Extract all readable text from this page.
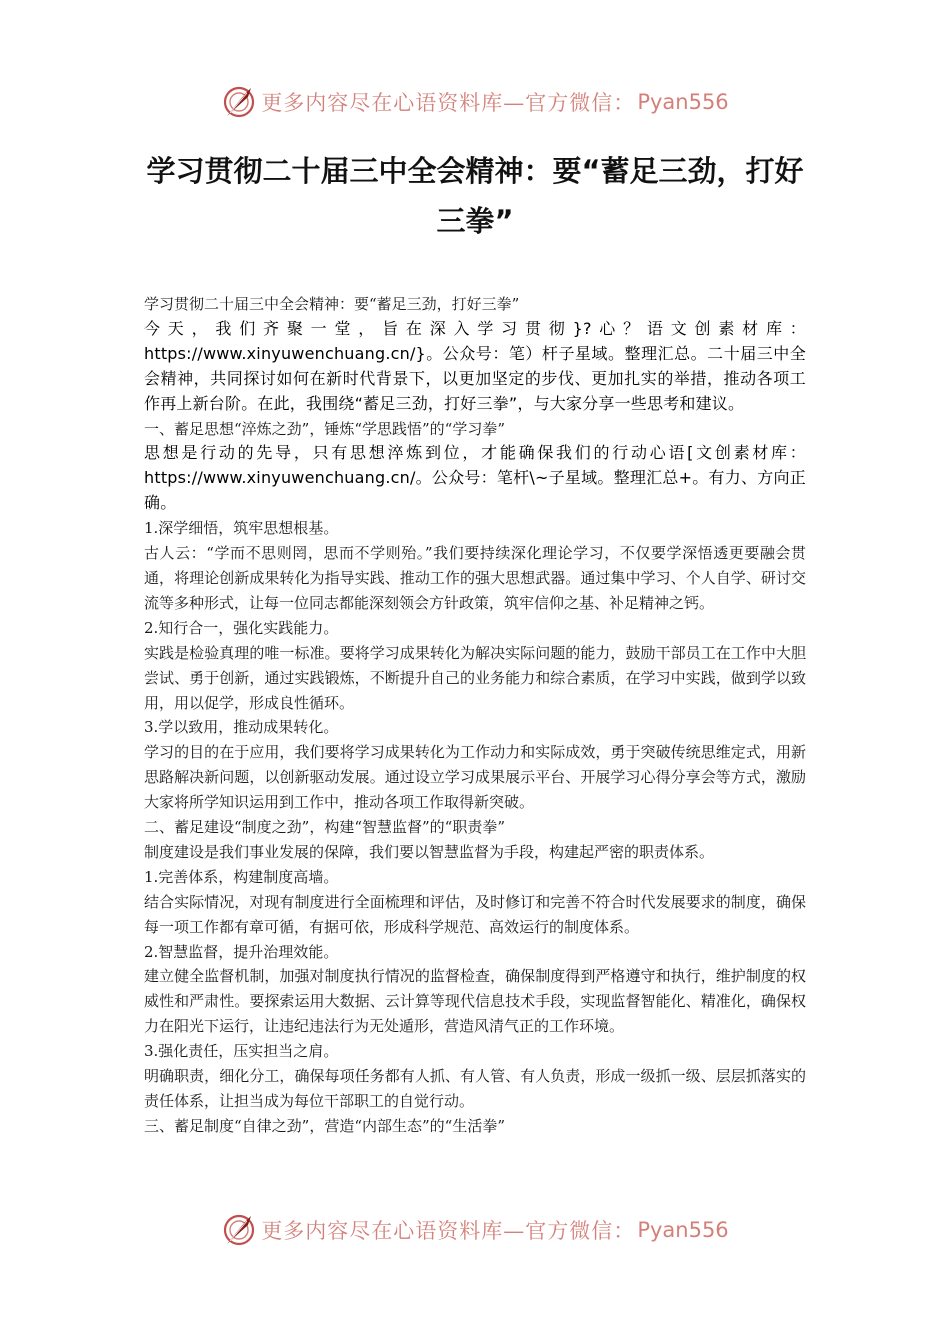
更多内容尽在心语资料库—官方微信： Pyan556
学习贯彻二十届三中全会精神：要“蓄足三劲，打好三拳”

学习贯彻二十届三中全会精神：要“蓄足三劲，打好三拳”

今天，我们齐聚一堂，旨在深入学习贯彻}?心？语文创素材库：https://www.xinyuwenchuang.cn/}。公众号：笔）杆子星域。整理汇总。二十届三中全会精神，共同探讨如何在新时代背景下，以更加坚定的步伐、更加扎实的举措，推动各项工作再上新台阶。在此，我围绕“蓄足三劲，打好三拳”，与大家分享一些思考和建议。

一、蓄足思想“淬炼之劲”，锤炼“学思践悟”的“学习拳”

思想是行动的先导，只有思想淬炼到位，才能确保我们的行动心语[文创素材库：https://www.xinyuwenchuang.cn/。公众号：笔杆\~子星域。整理汇总+。有力、方向正确。

1.深学细悟，筑牢思想根基。

古人云：“学而不思则罔，思而不学则殆。”我们要持续深化理论学习，不仅要学深悟透更要融会贯通，将理论创新成果转化为指导实践、推动工作的强大思想武器。通过集中学习、个人自学、研讨交流等多种形式，让每一位同志都能深刻领会方针政策，筑牢信仰之基、补足精神之钙。

2.知行合一，强化实践能力。

实践是检验真理的唯一标准。要将学习成果转化为解决实际问题的能力，鼓励干部员工在工作中大胆尝试、勇于创新，通过实践锻炼，不断提升自己的业务能力和综合素质，在学习中实践，做到学以致用，用以促学，形成良性循环。

3.学以致用，推动成果转化。

学习的目的在于应用，我们要将学习成果转化为工作动力和实际成效，勇于突破传统思维定式，用新思路解决新问题，以创新驱动发展。通过设立学习成果展示平台、开展学习心得分享会等方式，激励大家将所学知识运用到工作中，推动各项工作取得新突破。

二、蓄足建设“制度之劲”，构建“智慧监督”的“职责拳”

制度建设是我们事业发展的保障，我们要以智慧监督为手段，构建起严密的职责体系。

1.完善体系，构建制度高墙。

结合实际情况，对现有制度进行全面梳理和评估，及时修订和完善不符合时代发展要求的制度，确保每一项工作都有章可循，有据可依，形成科学规范、高效运行的制度体系。

2.智慧监督，提升治理效能。

建立健全监督机制，加强对制度执行情况的监督检查，确保制度得到严格遵守和执行，维护制度的权威性和严肃性。要探索运用大数据、云计算等现代信息技术手段，实现监督智能化、精准化，确保权力在阳光下运行，让违纪违法行为无处遁形，营造风清气正的工作环境。

3.强化责任，压实担当之肩。

明确职责，细化分工，确保每项任务都有人抓、有人管、有人负责，形成一级抓一级、层层抓落实的责任体系，让担当成为每位干部职工的自觉行动。

三、蓄足制度“自律之劲”，营造“内部生态”的“生活拳”

更多内容尽在心语资料库—官方微信： Pyan556
